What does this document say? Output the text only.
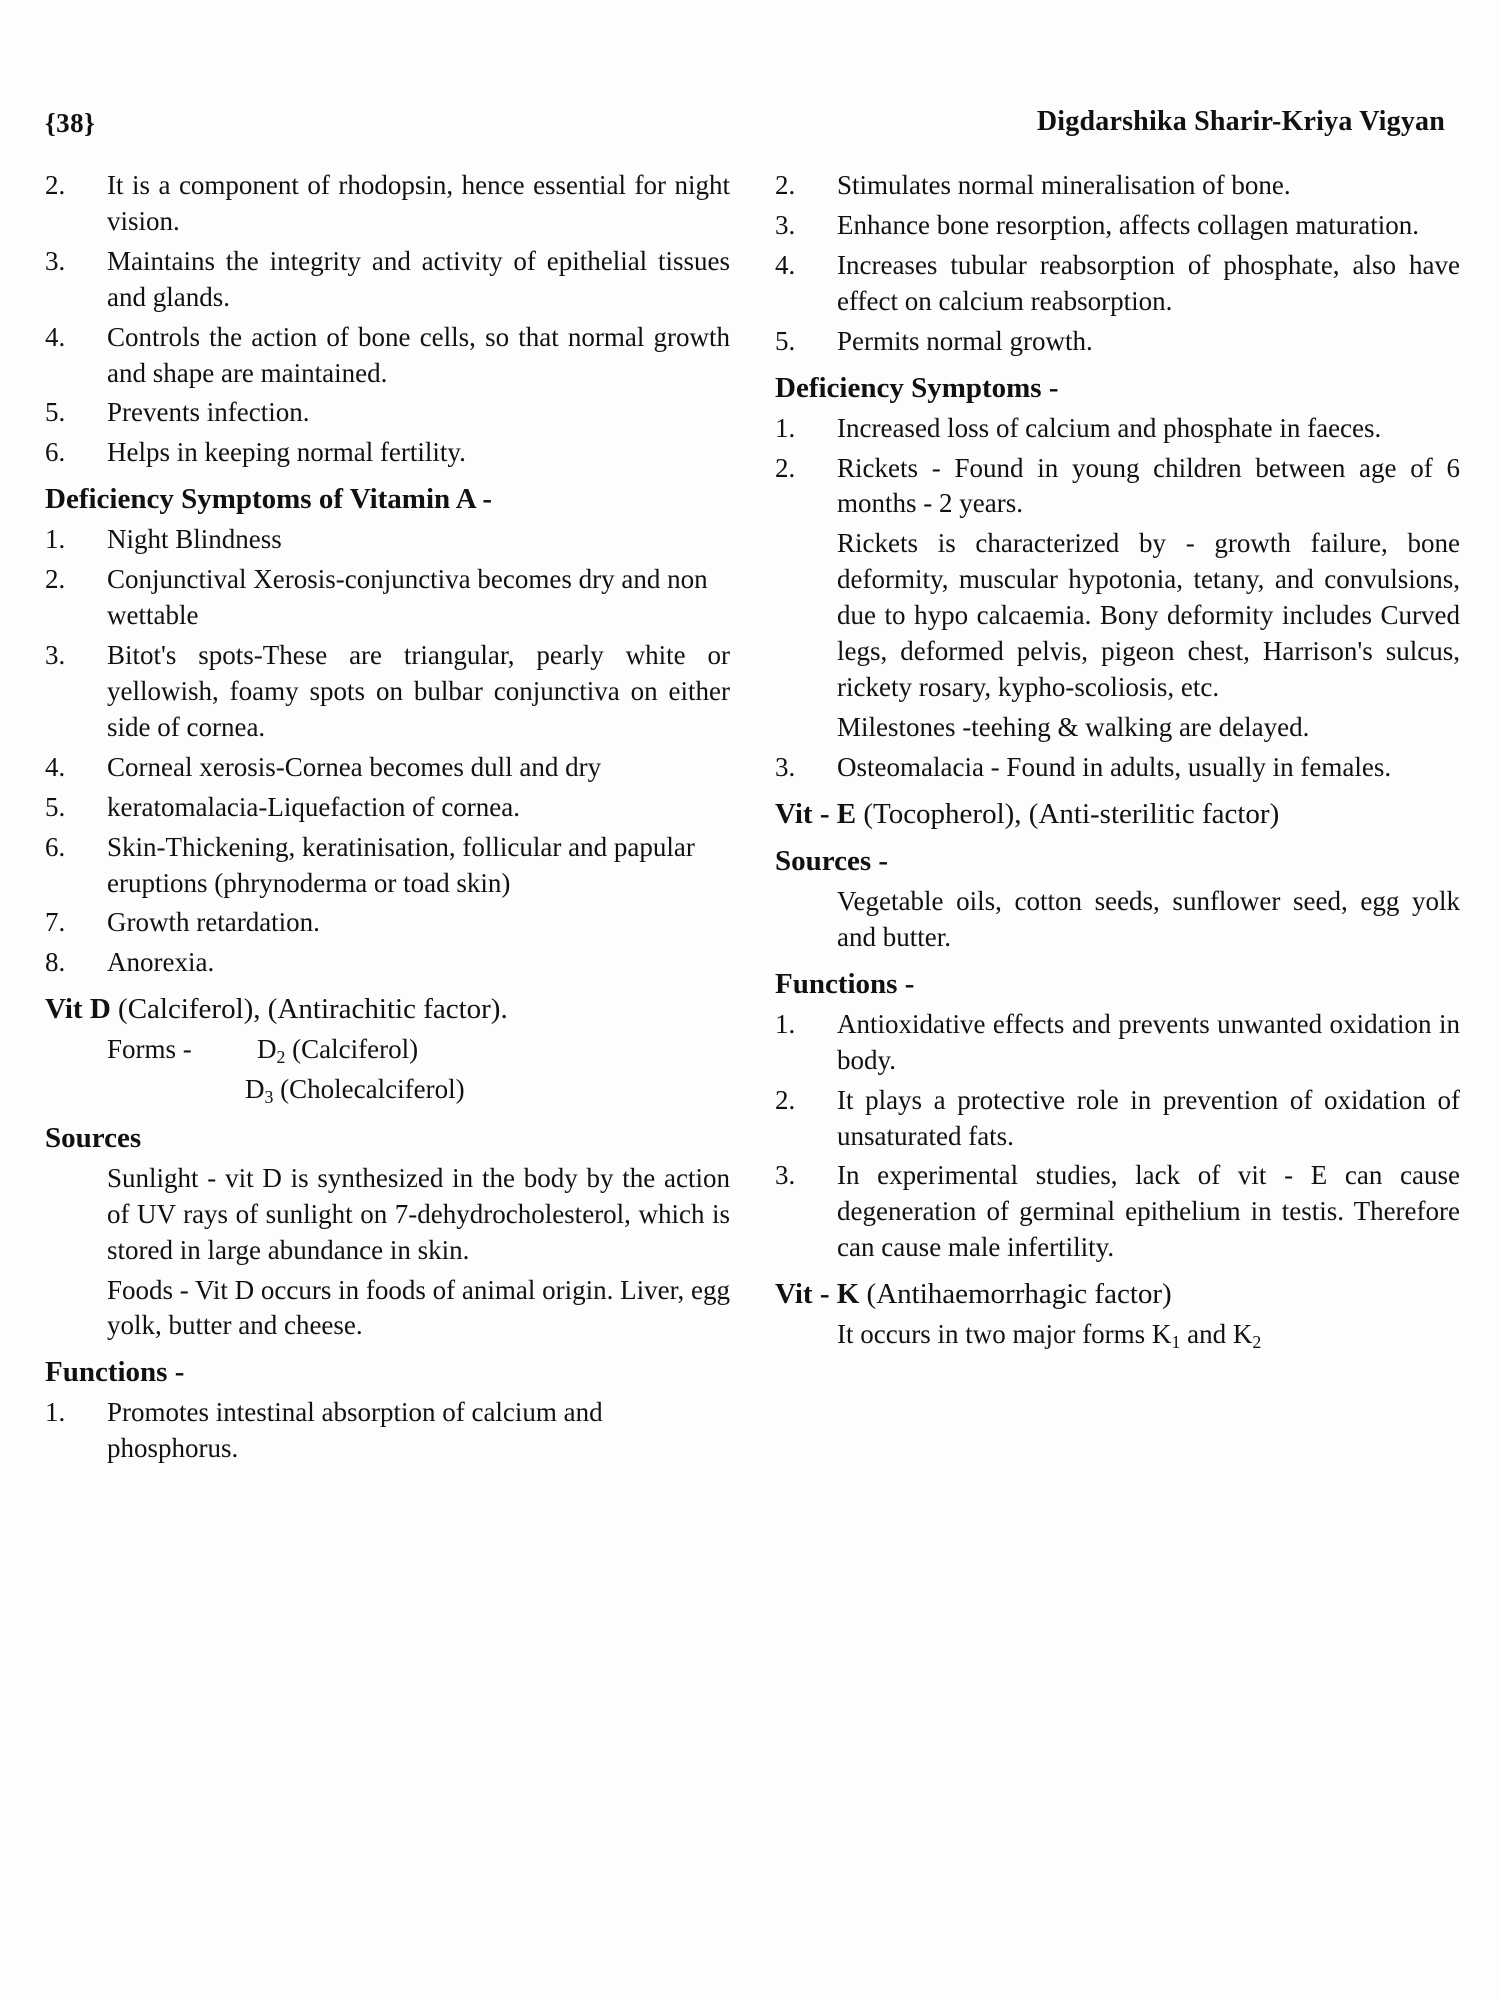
{38}	Digdarshika Sharir-Kriya Vigyan
2.	It is a component of rhodopsin, hence essential for night vision.
3.	Maintains the integrity and activity of epithelial tissues and glands.
4.	Controls the action of bone cells, so that normal growth and shape are maintained.
5.	Prevents infection.
6.	Helps in keeping normal fertility.
Deficiency Symptoms of Vitamin A -
1.	Night Blindness
2.	Conjunctival Xerosis-conjunctiva becomes dry and non wettable
3.	Bitot's spots-These are triangular, pearly white or yellowish, foamy spots on bulbar conjunctiva on either side of cornea.
4.	Corneal xerosis-Cornea becomes dull and dry
5.	keratomalacia-Liquefaction of cornea.
6.	Skin-Thickening, keratinisation, follicular and papular eruptions (phrynoderma or toad skin)
7.	Growth retardation.
8.	Anorexia.
Vit D (Calciferol), (Antirachitic factor).
Forms -	$D_2$ (Calciferol)
$D_3$ (Cholecalciferol)
Sources
Sunlight - vit D is synthesized in the body by the action of UV rays of sunlight on 7-dehydrocholesterol, which is stored in large abundance in skin.
Foods - Vit D occurs in foods of animal origin. Liver, egg yolk, butter and cheese.
Functions -
1.	Promotes intestinal absorption of calcium and phosphorus.
2.	Stimulates normal mineralisation of bone.
3.	Enhance bone resorption, affects collagen maturation.
4.	Increases tubular reabsorption of phosphate, also have effect on calcium reabsorption.
5.	Permits normal growth.
Deficiency Symptoms -
1.	Increased loss of calcium and phosphate in faeces.
2.	Rickets - Found in young children between age of 6 months - 2 years.
Rickets is characterized by - growth failure, bone deformity, muscular hypotonia, tetany, and convulsions, due to hypo calcaemia. Bony deformity includes Curved legs, deformed pelvis, pigeon chest, Harrison's sulcus, rickety rosary, kypho-scoliosis, etc.
Milestones -teehing & walking are delayed.
3.	Osteomalacia - Found in adults, usually in females.
Vit - E (Tocopherol), (Anti-sterilitic factor)
Sources -
Vegetable oils, cotton seeds, sunflower seed, egg yolk and butter.
Functions -
1.	Antioxidative effects and prevents unwanted oxidation in body.
2.	It plays a protective role in prevention of oxidation of unsaturated fats.
3.	In experimental studies, lack of vit - E can cause degeneration of germinal epithelium in testis. Therefore can cause male infertility.
Vit - K (Antihaemorrhagic factor)
It occurs in two major forms $K_1$ and $K_2$
